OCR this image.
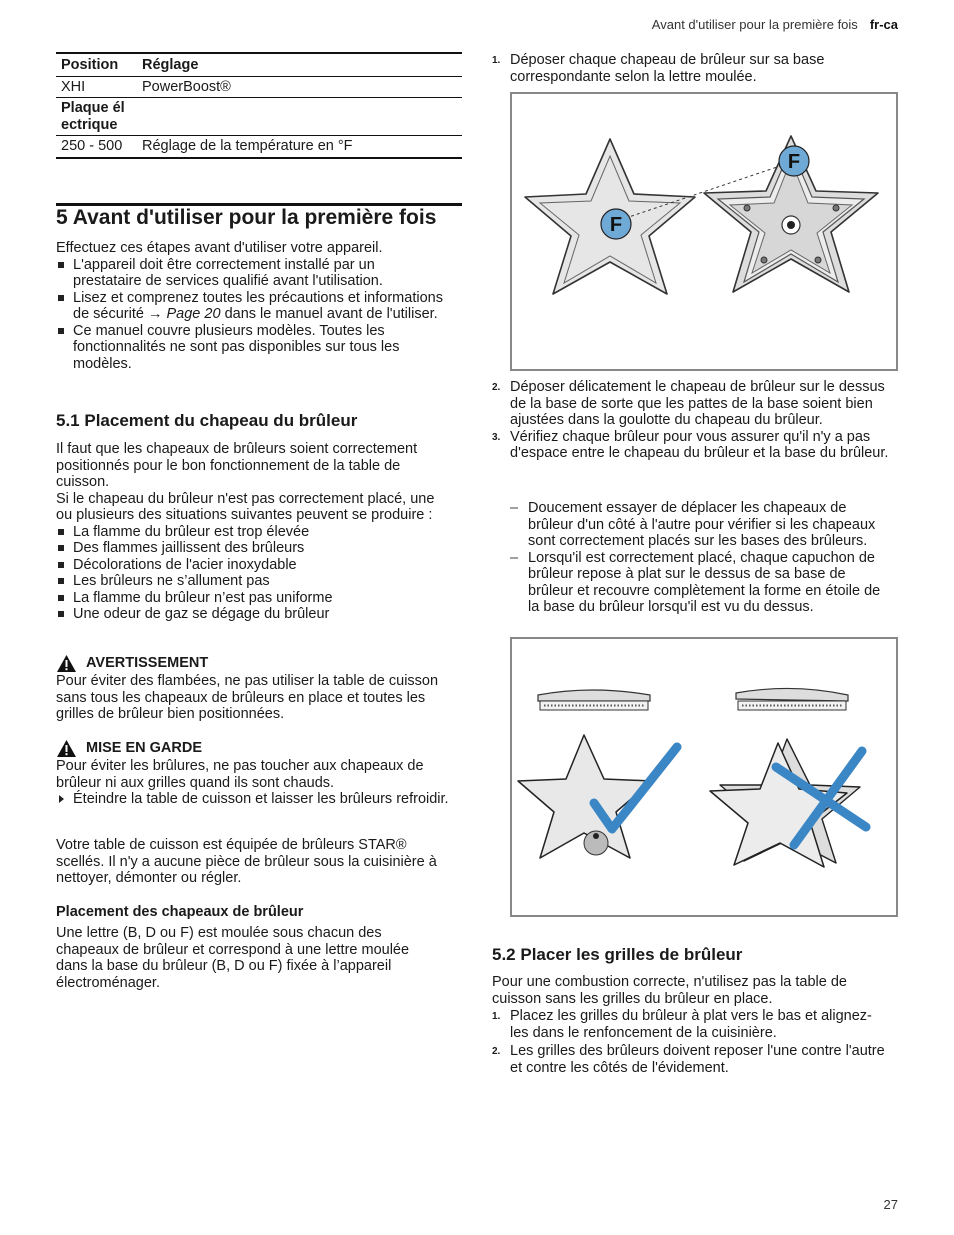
Avant d'utiliser pour la première fois fr-ca
Position	Réglage
XHI	PowerBoost®
Plaque électrique	
250 - 500	Réglage de la température en °F
5 Avant d'utiliser pour la première fois

Effectuez ces étapes avant d'utiliser votre appareil.

L'appareil doit être correctement installé par un prestataire de services qualifié avant l'utilisation.
Lisez et comprenez toutes les précautions et informations de sécurité → Page 20 dans le manuel avant de l'utiliser.
Ce manuel couvre plusieurs modèles. Toutes les fonctionnalités ne sont pas disponibles sur tous les modèles.
5.1 Placement du chapeau du brûleur

Il faut que les chapeaux de brûleurs soient correctement positionnés pour le bon fonctionnement de la table de cuisson.

Si le chapeau du brûleur n'est pas correctement placé, une ou plusieurs des situations suivantes peuvent se produire :

La flamme du brûleur est trop élevée
Des flammes jaillissent des brûleurs
Décolorations de l'acier inoxydable
Les brûleurs ne s’allument pas
La flamme du brûleur n’est pas uniforme
Une odeur de gaz se dégage du brûleur
AVERTISSEMENT

Pour éviter des flambées, ne pas utiliser la table de cuisson sans tous les chapeaux de brûleurs en place et toutes les grilles de brûleur bien positionnées.

MISE EN GARDE

Pour éviter les brûlures, ne pas toucher aux chapeaux de brûleur ni aux grilles quand ils sont chauds.

Éteindre la table de cuisson et laisser les brûleurs refroidir.

Votre table de cuisson est équipée de brûleurs STAR® scellés. Il n'y a aucune pièce de brûleur sous la cuisinière à nettoyer, démonter ou régler.

Placement des chapeaux de brûleur

Une lettre (B, D ou F) est moulée sous chacun des chapeaux de brûleur et correspond à une lettre moulée dans la base du brûleur (B, D ou F) fixée à l’appareil électroménager.

1. Déposer chaque chapeau de brûleur sur sa base correspondante selon la lettre moulée.
F
F
2. Déposer délicatement le chapeau de brûleur sur le dessus de la base de sorte que les pattes de la base soient bien ajustées dans la goulotte du chapeau du brûleur.
3. Vérifiez chaque brûleur pour vous assurer qu'il n'y a pas d'espace entre le chapeau du brûleur et la base du brûleur.
– Doucement essayer de déplacer les chapeaux de brûleur d'un côté à l'autre pour vérifier si les chapeaux sont correctement placés sur les bases des brûleurs.
– Lorsqu'il est correctement placé, chaque capuchon de brûleur repose à plat sur le dessus de sa base de brûleur et recouvre complètement la forme en étoile de la base du brûleur lorsqu'il est vu du dessus.
5.2 Placer les grilles de brûleur

Pour une combustion correcte, n'utilisez pas la table de cuisson sans les grilles du brûleur en place.

1. Placez les grilles du brûleur à plat vers le bas et alignez-les dans le renfoncement de la cuisinière.
2. Les grilles des brûleurs doivent reposer l'une contre l'autre et contre les côtés de l'évidement.
27
